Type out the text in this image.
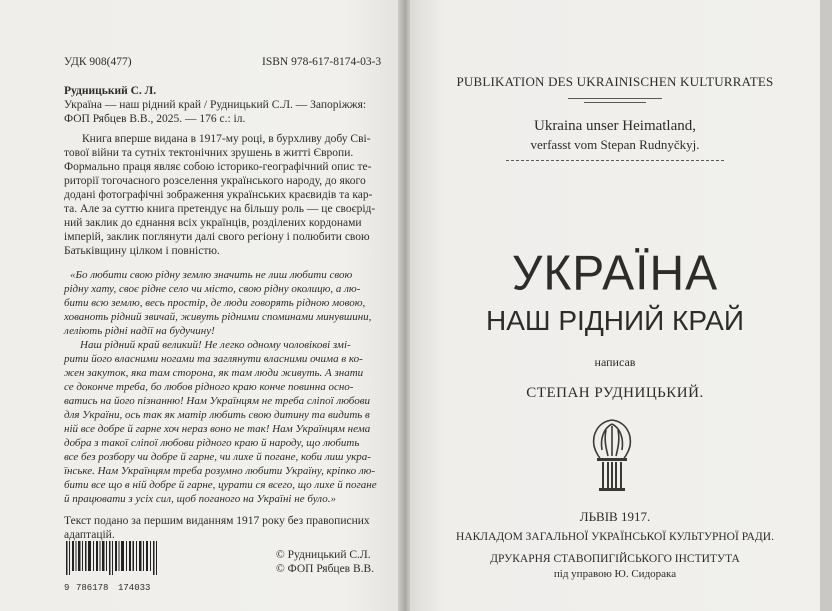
УДК 908(477)	ISBN 978-617-8174-03-3
Рудницький С. Л.
Україна — наш рідний край / Рудницький С.Л. — Запоріжжя:
ФОП Рябцев В.В., 2025. — 176 с.: іл.
Книга вперше видана в 1917-му році, в бурхливу добу Сві-
тової війни та сутніх тектонічних зрушень в житті Європи.
Формально праця являє собою історико-географічний опис те-
риторії тогочасного розселення українського народу, до якого
додані фотографічні зображення українських краєвидів та кар-
та. Але за суттю книга претендує на більшу роль — це своєрід-
ний заклик до єднання всіх українців, розділених кордонами
імперій, заклик поглянути далі свого регіону і полюбити свою
Батьківщину цілком і повністю.
«Бо любити свою рідну землю значить не лиш любити свою
рідну хату, своє рідне село чи місто, свою рідну околицю, а лю-
бити всю землю, весь простір, де люди говорять рідною мовою,
хованоть рідний звичай, живуть рідними споминами минувшини,
леліють рідні надії на будучину!
Наш рідний край великий! Не легко одному чоловікові змі-
рити його власними ногами та заглянути власними очима в ко-
жен закуток, яка там сторона, як там люди живуть. А знати
се доконче треба, бо любов рідного краю конче повинна осно-
ватись на його пізнанню! Нам Українцям не треба сліпої любови
для України, ось так як матір любить свою дитину та видить в
ній все добре й гарне хоч нераз воно не так! Нам Українцям нема
добра з такої сліпої любови рідного краю й народу, що любить
все без розбору чи добре й гарне, чи лихе й погане, коби лиш укра-
їнське. Нам Українцям треба розумно любити Україну, кріпко лю-
бити все що в ній добре й гарне, цурати ся всего, що лихе й погане
й працювати з усіх сил, щоб поганого на Україні не було.»
Текст подано за першим виданням 1917 року без правописних
адаптацій.
9 786178 174033
© Рудницький С.Л.
© ФОП Рябцев В.В.
PUBLIKATION DES UKRAINISCHEN KULTURRATES
Ukraina unser Heimatland,
verfasst vom Stepan Rudnyčkyj.
УКРАЇНА
НАШ РІДНИЙ КРАЙ
написав
СТЕПАН РУДНИЦЬКИЙ.
ЛЬВІВ 1917.
НАКЛАДОМ ЗАГАЛЬНОЇ УКРАЇНСЬКОЇ КУЛЬТУРНОЇ РАДИ.
ДРУКАРНЯ СТАВОПИГІЙСЬКОГО ІНСТИТУТА
під управою Ю. Сидорака
